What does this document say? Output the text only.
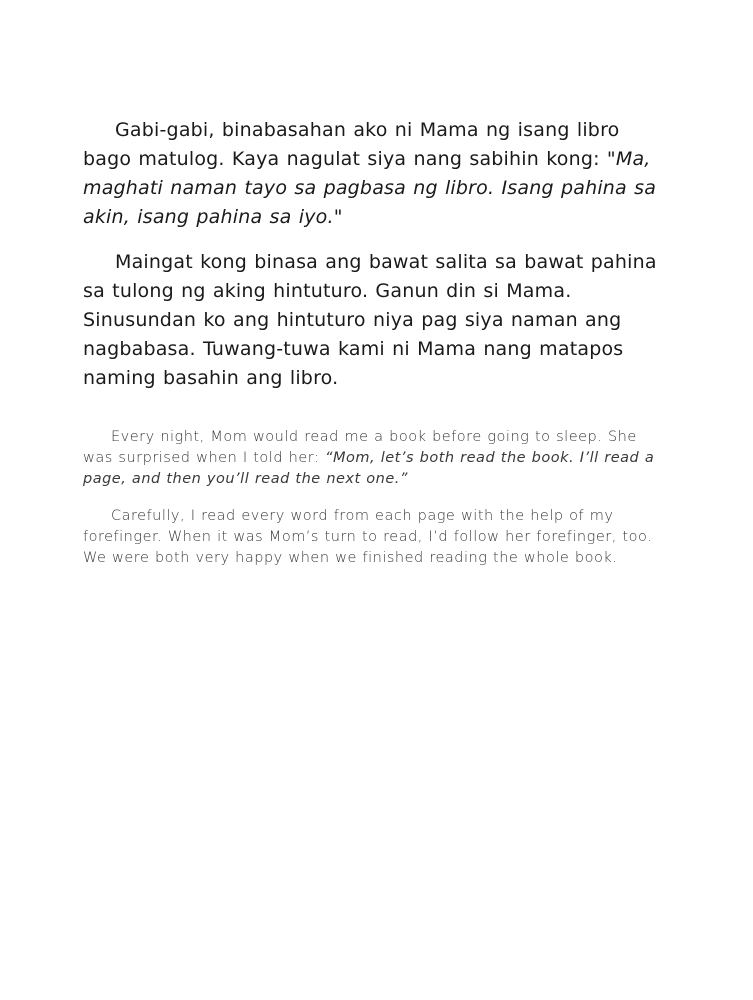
Gabi-gabi, binabasahan ako ni Mama ng isang libro bago matulog. Kaya nagulat siya nang sabihin kong: "Ma, maghati naman tayo sa pagbasa ng libro. Isang pahina sa akin, isang pahina sa iyo."

Maingat kong binasa ang bawat salita sa bawat pahina sa tulong ng aking hintuturo. Ganun din si Mama. Sinusundan ko ang hintuturo niya pag siya naman ang nagbabasa. Tuwang-tuwa kami ni Mama nang matapos naming basahin ang libro.

Every night, Mom would read me a book before going to sleep. She was surprised when I told her: “Mom, let’s both read the book. I’ll read a page, and then you’ll read the next one.”

Carefully, I read every word from each page with the help of my forefinger. When it was Mom’s turn to read, I’d follow her forefinger, too. We were both very happy when we finished reading the whole book.
